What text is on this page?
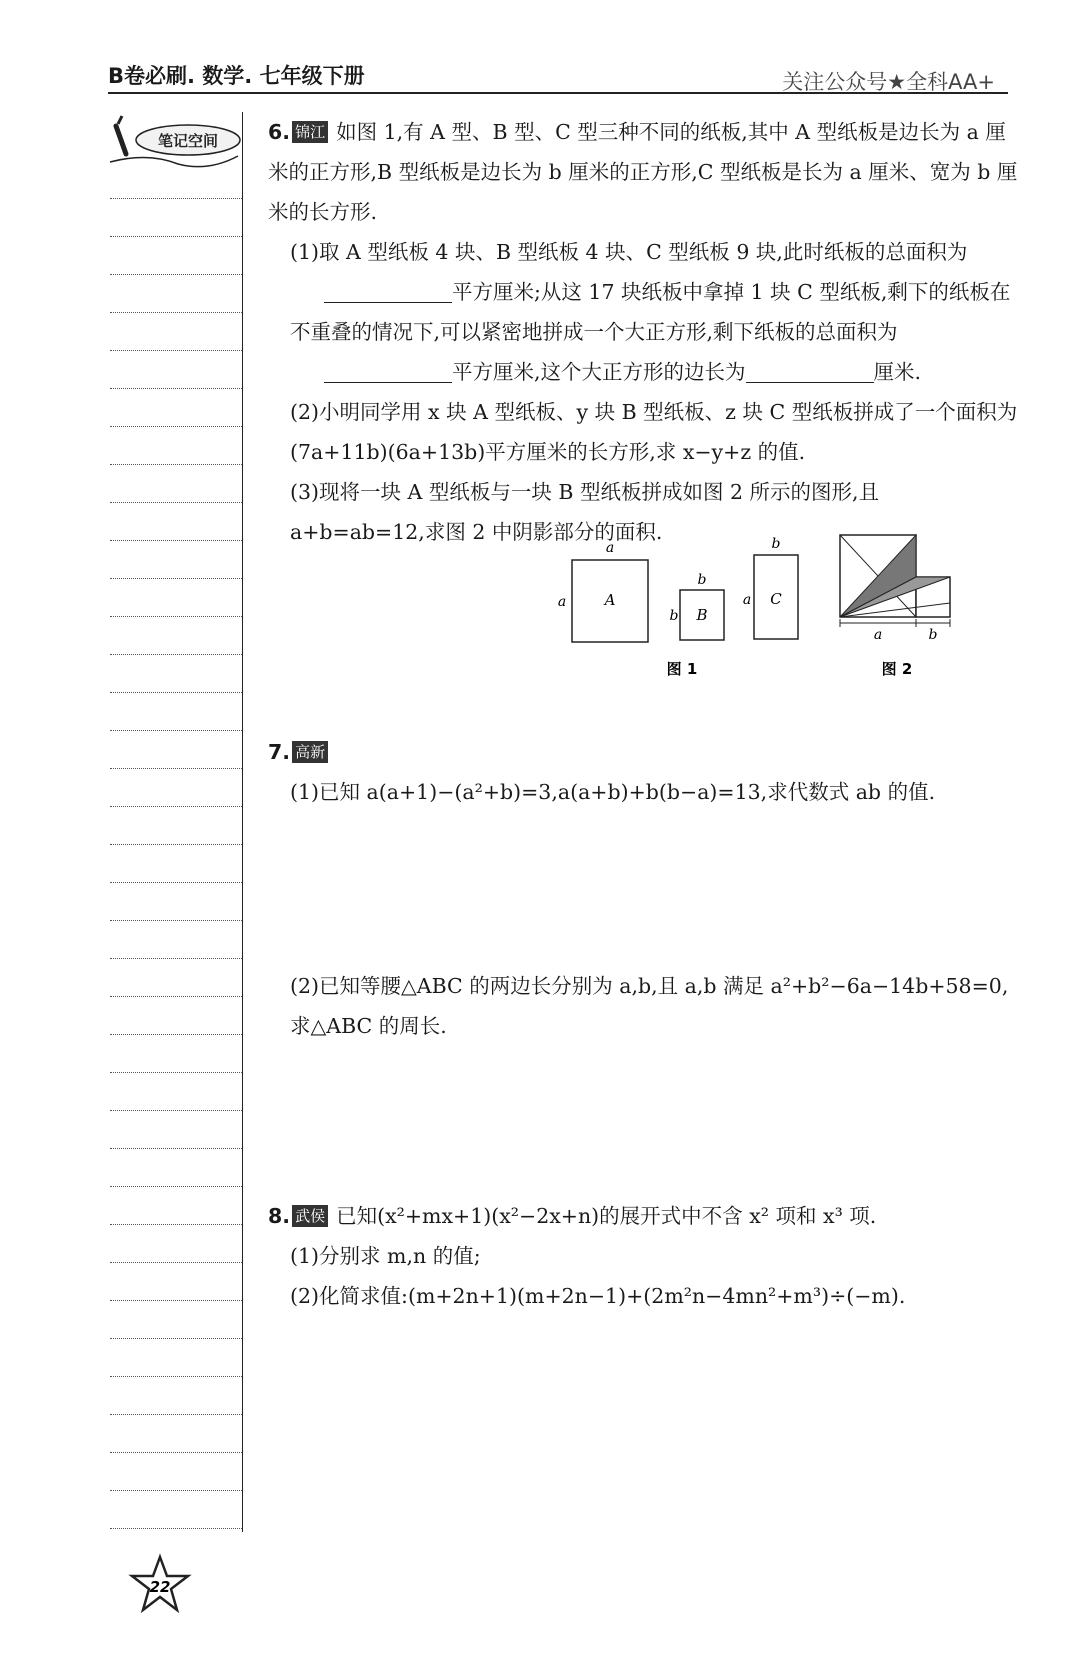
B卷必刷. 数学. 七年级下册	关注公众号★全科AA+
笔记空间 6. 锦江 如图 1,有 A 型、B 型、C 型三种不同的纸板,其中 A 型纸板是边长为 a 厘米的正方形,B 型纸板是边长为 b 厘米的正方形,C 型纸板是长为 a 厘米、宽为 b 厘米的长方形.

(1)取 A 型纸板 4 块、B 型纸板 4 块、C 型纸板 9 块,此时纸板的总面积为
平方厘米;从这 17 块纸板中拿掉 1 块 C 型纸板,剩下的纸板在不重叠的情况下,可以紧密地拼成一个大正方形,剩下纸板的总面积为
平方厘米,这个大正方形的边长为	厘米.

(2)小明同学用 x 块 A 型纸板、y 块 B 型纸板、z 块 C 型纸板拼成了一个面积为(7a+11b)(6a+13b)平方厘米的长方形,求 x−y+z 的值.

(3)现将一块 A 型纸板与一块 B 型纸板拼成如图 2 所示的图形,且 a+b=ab=12,求图 2 中阴影部分的面积.

a
a	A
b
b B
b
a C
图 1
a	b
图 2

7. 高新

(1)已知 a(a+1)−(a²+b)=3,a(a+b)+b(b−a)=13,求代数式 ab 的值.

(2)已知等腰△ABC 的两边长分别为 a,b,且 a,b 满足 a²+b²−6a−14b+58=0,求△ABC 的周长.

8. 武侯 已知(x²+mx+1)(x²−2x+n)的展开式中不含 x² 项和 x³ 项.

(1)分别求 m,n 的值;

(2)化简求值:(m+2n+1)(m+2n−1)+(2m²n−4mn²+m³)÷(−m).

22
